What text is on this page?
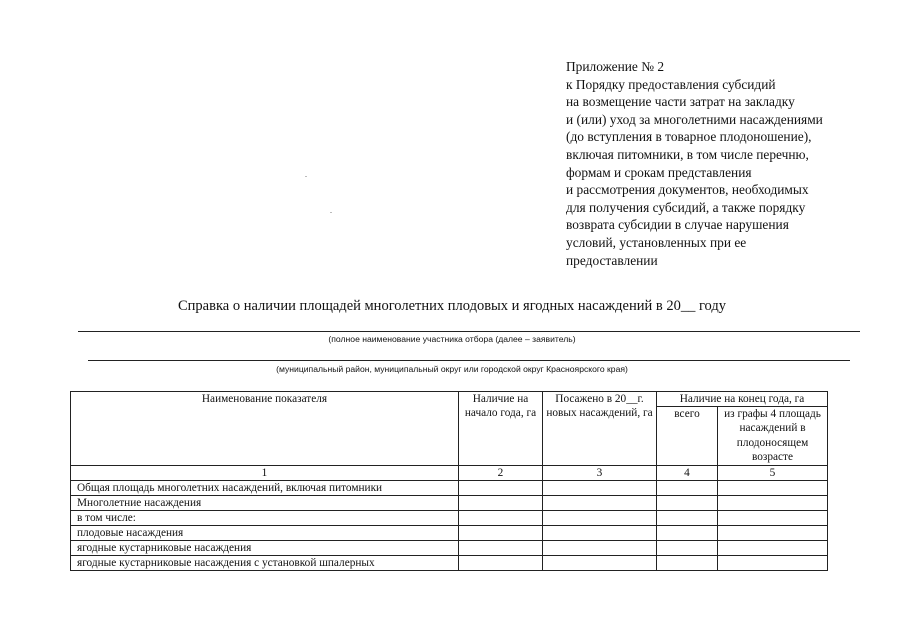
Приложение № 2
к Порядку предоставления субсидий
на возмещение части затрат на закладку
и (или) уход за многолетними насаждениями
(до вступления в товарное плодоношение),
включая питомники, в том числе перечню,
формам и срокам представления
и рассмотрения документов, необходимых
для получения субсидий, а также порядку
возврата субсидии в случае нарушения
условий, установленных при ее
предоставлении
Справка о наличии площадей многолетних плодовых и ягодных насаждений в 20__ году
(полное наименование участника отбора (далее – заявитель)
(муниципальный район, муниципальный округ или городской округ Красноярского края)
Наименование показателя	Наличие на начало года, га	Посажено в 20__г. новых насаждений, га	Наличие на конец года, га	
			всего	из графы 4 площадь насаждений в плодоносящем возрасте
1	2	3	4	5
Общая площадь многолетних насаждений, включая питомники				
Многолетние насаждения				
в том числе:				
плодовые насаждения				
ягодные кустарниковые насаждения				
ягодные кустарниковые насаждения с установкой шпалерных				
